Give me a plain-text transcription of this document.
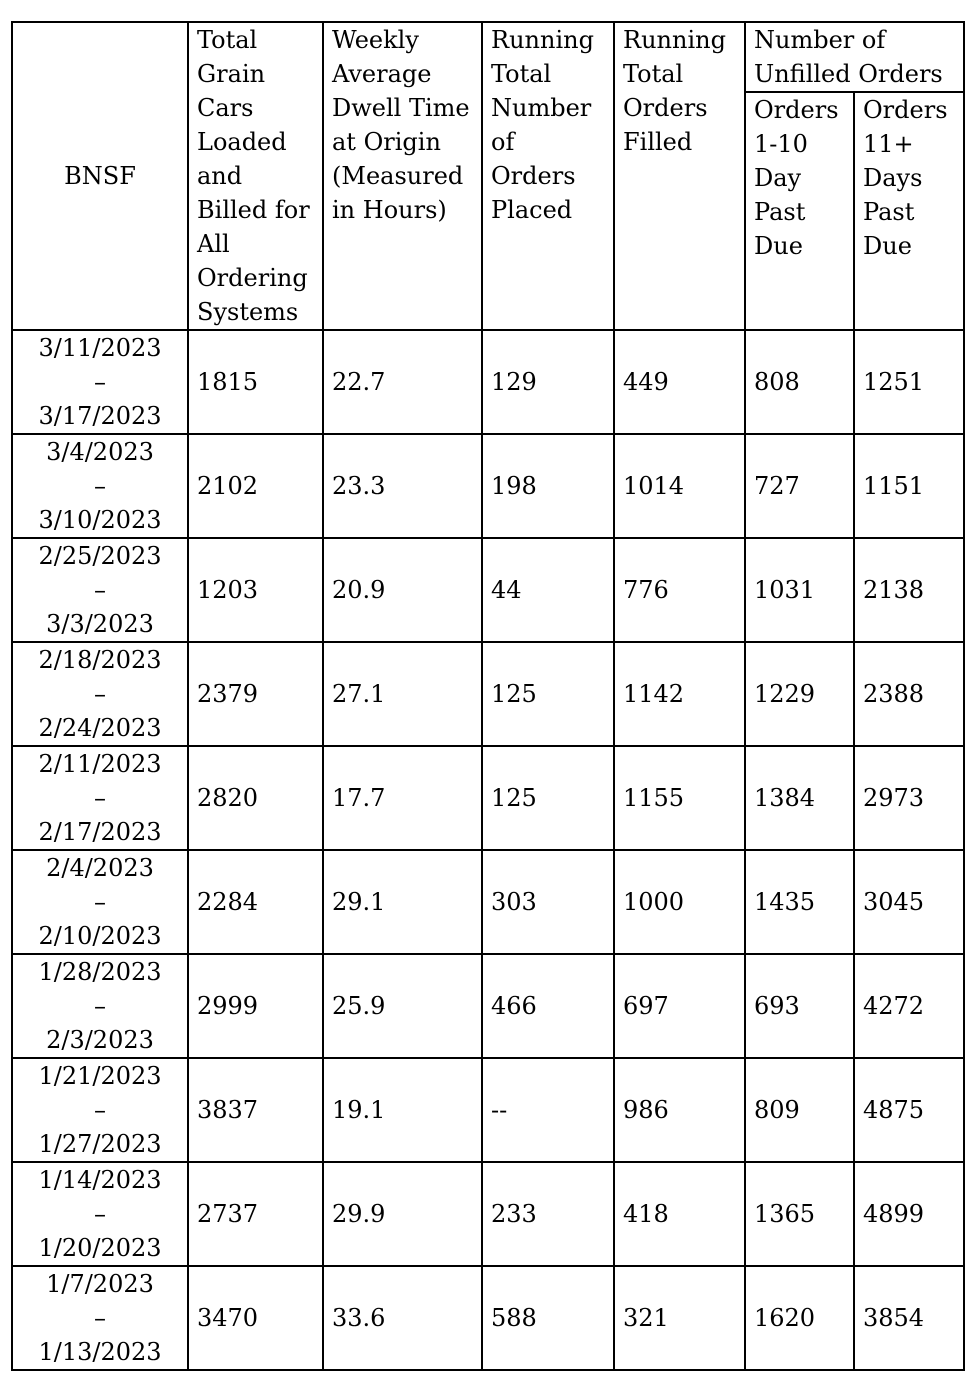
BNSF	Total Grain Cars Loaded and Billed for All Ordering Systems	Weekly Average Dwell Time at Origin (Measured in Hours)	Running Total Number of Orders Placed	Running Total Orders Filled	Number of Unfilled Orders	
					Orders 1-10 Day Past Due	Orders 11+ Days Past Due

3/11/2023
–
3/17/2023	1815	22.7	129	449	808	1251

3/4/2023
–
3/10/2023	2102	23.3	198	1014	727	1151

2/25/2023
–
3/3/2023	1203	20.9	44	776	1031	2138

2/18/2023
–
2/24/2023	2379	27.1	125	1142	1229	2388

2/11/2023
–
2/17/2023	2820	17.7	125	1155	1384	2973

2/4/2023
–
2/10/2023	2284	29.1	303	1000	1435	3045

1/28/2023
–
2/3/2023	2999	25.9	466	697	693	4272

1/21/2023
–
1/27/2023	3837	19.1	--	986	809	4875

1/14/2023
–
1/20/2023	2737	29.9	233	418	1365	4899

1/7/2023
–
1/13/2023	3470	33.6	588	321	1620	3854
